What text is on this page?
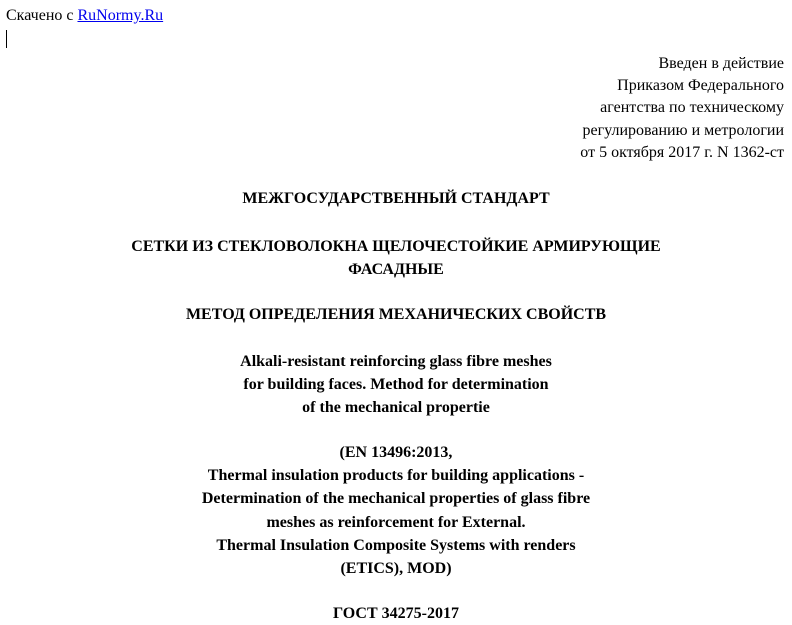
Скачено с RuNormy.Ru
Введен в действие
Приказом Федерального
агентства по техническому
регулированию и метрологии
от 5 октября 2017 г. N 1362-ст
МЕЖГОСУДАРСТВЕННЫЙ СТАНДАРТ
СЕТКИ ИЗ СТЕКЛОВОЛОКНА ЩЕЛОЧЕСТОЙКИЕ АРМИРУЮЩИЕ
ФАСАДНЫЕ
МЕТОД ОПРЕДЕЛЕНИЯ МЕХАНИЧЕСКИХ СВОЙСТВ
Alkali-resistant reinforcing glass fibre meshes
for building faces. Method for determination
of the mechanical propertie
(EN 13496:2013,
Thermal insulation products for building applications -
Determination of the mechanical properties of glass fibre
meshes as reinforcement for External.
Thermal Insulation Composite Systems with renders
(ETICS), MOD)
ГОСТ 34275-2017
